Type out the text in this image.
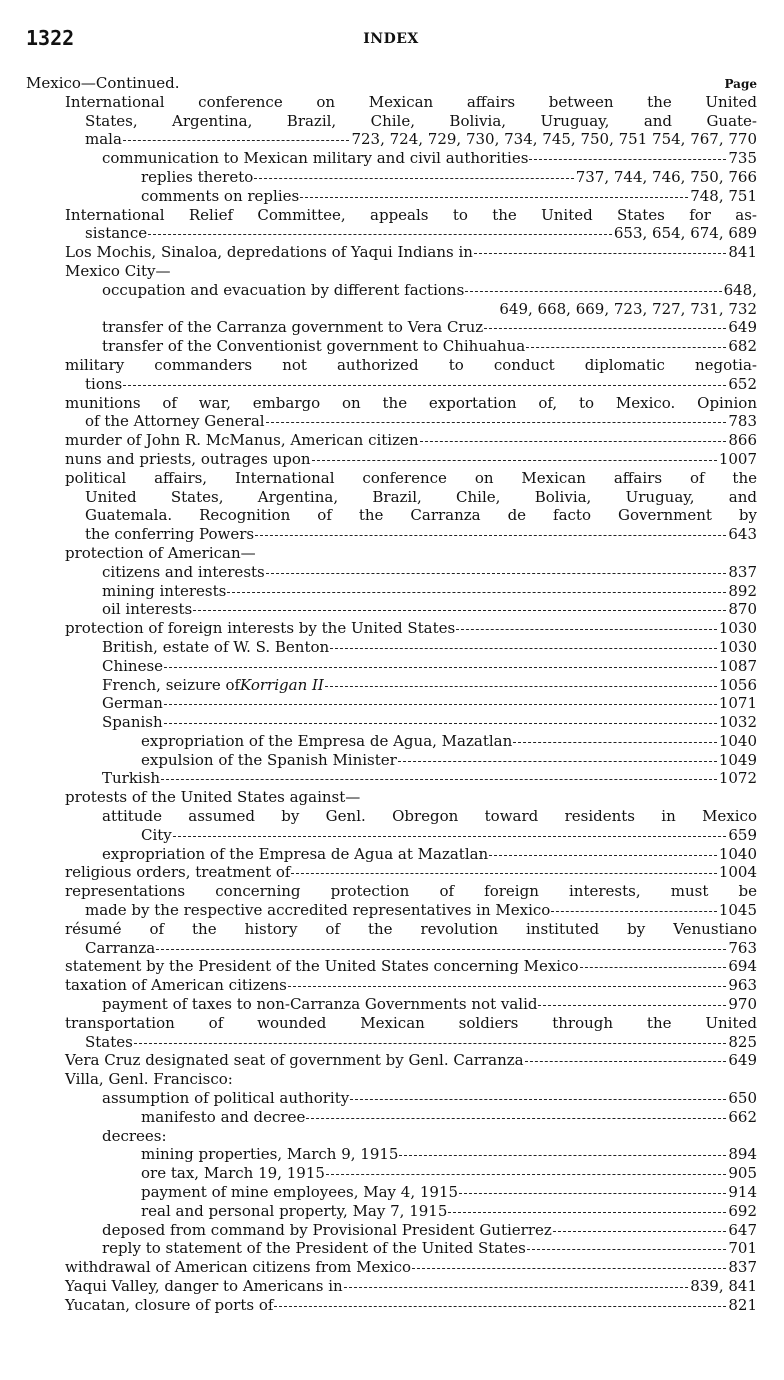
1322	INDEX
Mexico—Continued.	Page
International conference on Mexican affairs between the United
States, Argentina, Brazil, Chile, Bolivia, Uruguay, and Guate-
mala	723, 724, 729, 730, 734, 745, 750, 751 754, 767, 770
communication to Mexican military and civil authorities	735
replies thereto	737, 744, 746, 750, 766
comments on replies	748, 751
International Relief Committee, appeals to the United States for as-
sistance	653, 654, 674, 689
Los Mochis, Sinaloa, depredations of Yaqui Indians in	841
Mexico City—
occupation and evacuation by different factions	648,
649, 668, 669, 723, 727, 731, 732
transfer of the Carranza government to Vera Cruz	649
transfer of the Conventionist government to Chihuahua	682
military commanders not authorized to conduct diplomatic negotia-
tions	652
munitions of war, embargo on the exportation of, to Mexico. Opinion
of the Attorney General	783
murder of John R. McManus, American citizen	866
nuns and priests, outrages upon	1007
political affairs, International conference on Mexican affairs of the
United States, Argentina, Brazil, Chile, Bolivia, Uruguay, and
Guatemala. Recognition of the Carranza de facto Government by
the conferring Powers	643
protection of American—
citizens and interests	837
mining interests	892
oil interests	870
protection of foreign interests by the United States	1030
British, estate of W. S. Benton	1030
Chinese	1087
French, seizure of Korrigan II	1056
German	1071
Spanish	1032
expropriation of the Empresa de Agua, Mazatlan	1040
expulsion of the Spanish Minister	1049
Turkish	1072
protests of the United States against—
attitude assumed by Genl. Obregon toward residents in Mexico
City	659
expropriation of the Empresa de Agua at Mazatlan	1040
religious orders, treatment of	1004
representations concerning protection of foreign interests, must be
made by the respective accredited representatives in Mexico	1045
résumé of the history of the revolution instituted by Venustiano
Carranza	763
statement by the President of the United States concerning Mexico	694
taxation of American citizens	963
payment of taxes to non-Carranza Governments not valid	970
transportation of wounded Mexican soldiers through the United
States	825
Vera Cruz designated seat of government by Genl. Carranza	649
Villa, Genl. Francisco:
assumption of political authority	650
manifesto and decree	662
decrees:
mining properties, March 9, 1915	894
ore tax, March 19, 1915	905
payment of mine employees, May 4, 1915	914
real and personal property, May 7, 1915	692
deposed from command by Provisional President Gutierrez	647
reply to statement of the President of the United States	701
withdrawal of American citizens from Mexico	837
Yaqui Valley, danger to Americans in	839, 841
Yucatan, closure of ports of	821
